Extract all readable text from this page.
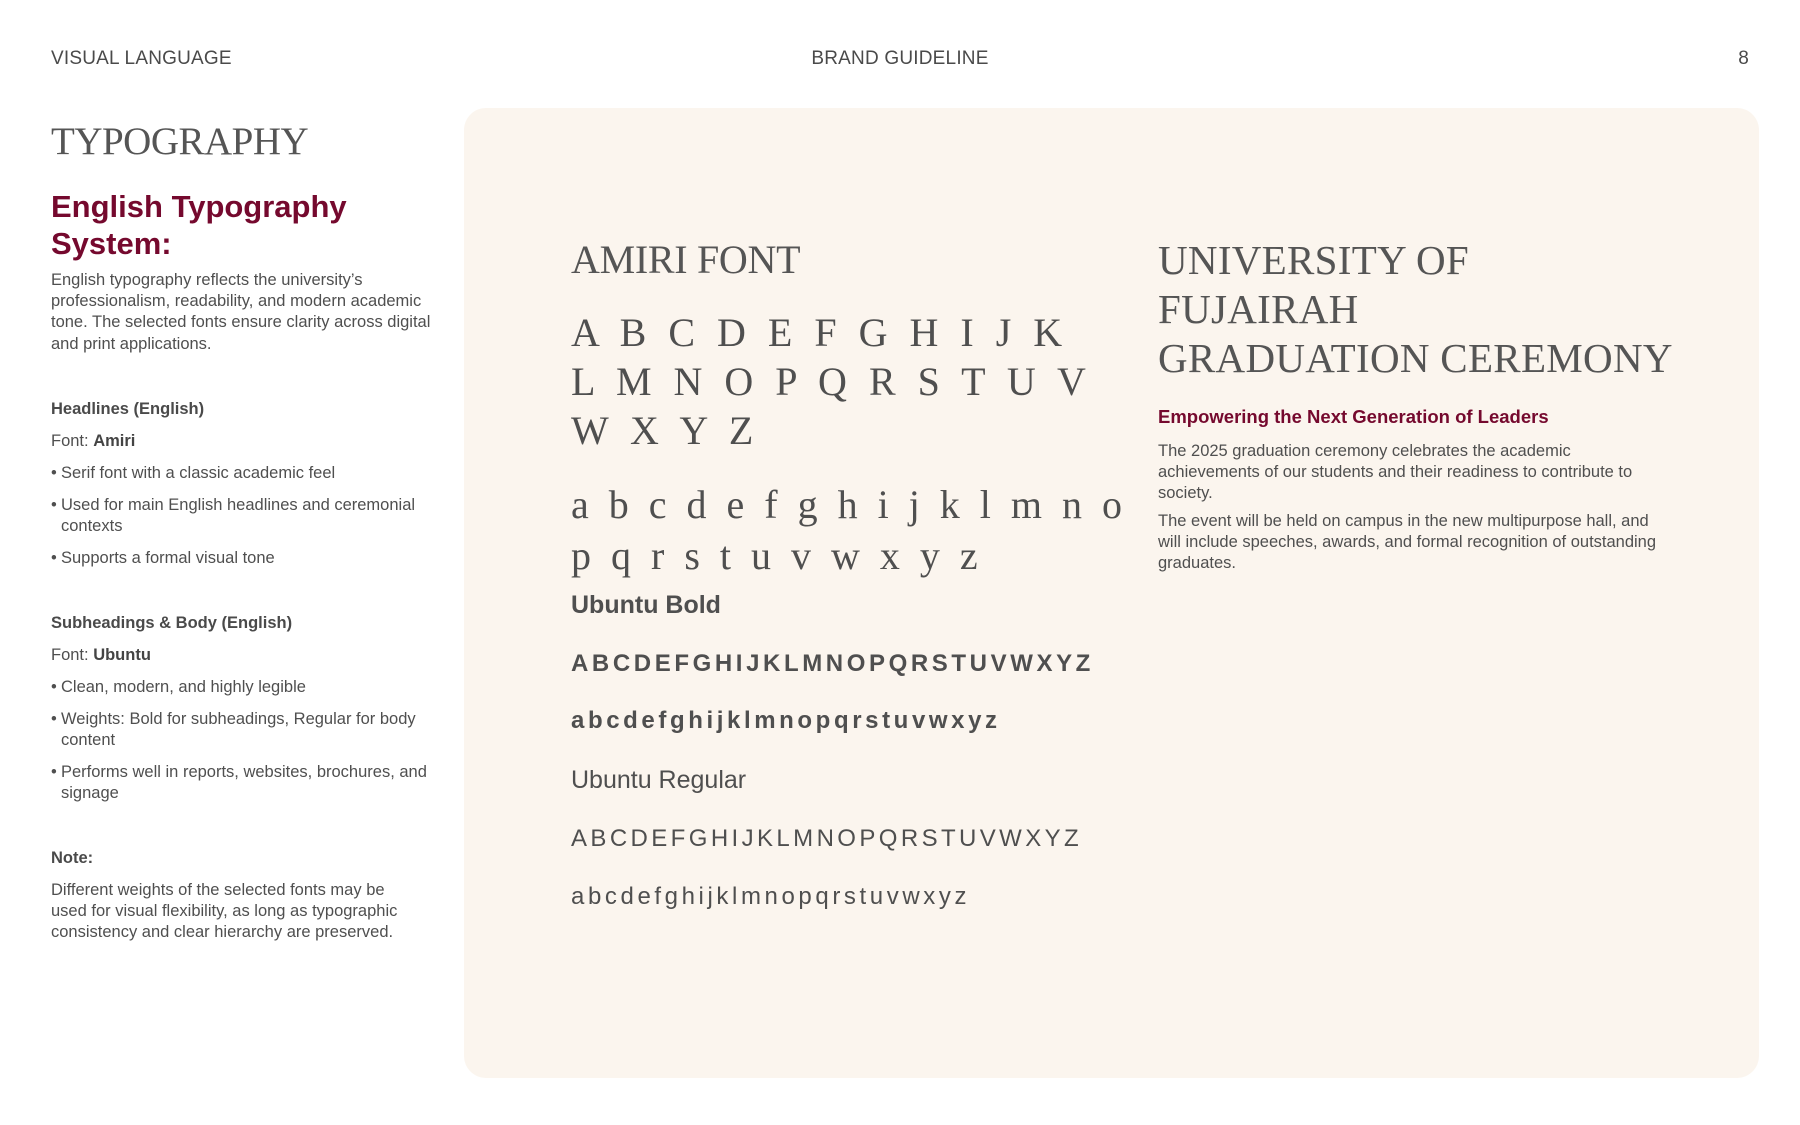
VISUAL LANGUAGE	BRAND GUIDELINE	8
TYPOGRAPHY
English Typography System:

English typography reflects the university’s professionalism, readability, and modern academic tone. The selected fonts ensure clarity across digital and print applications.

Headlines (English)
Font: Amiri
• Serif font with a classic academic feel
• Used for main English headlines and ceremonial contexts
• Supports a formal visual tone
Subheadings & Body (English)
Font: Ubuntu
• Clean, modern, and highly legible
• Weights: Bold for subheadings, Regular for body content
• Performs well in reports, websites, brochures, and signage
Note:

Different weights of the selected fonts may be used for visual flexibility, as long as typographic consistency and clear hierarchy are preserved.

AMIRI FONT
A B C D E F G H I J K L M N O P Q R S T U V W X Y Z
a b c d e f g h i j k l m n o p q r s t u v w x y z
Ubuntu Bold
ABCDEFGHIJKLMNOPQRSTUVWXYZ
abcdefghijklmnopqrstuvwxyz
Ubuntu Regular
ABCDEFGHIJKLMNOPQRSTUVWXYZ
abcdefghijklmnopqrstuvwxyz
UNIVERSITY OF FUJAIRAH
GRADUATION CEREMONY
Empowering the Next Generation of Leaders

The 2025 graduation ceremony celebrates the academic achievements of our students and their readiness to contribute to society.

The event will be held on campus in the new multipurpose hall, and will include speeches, awards, and formal recognition of outstanding graduates.
